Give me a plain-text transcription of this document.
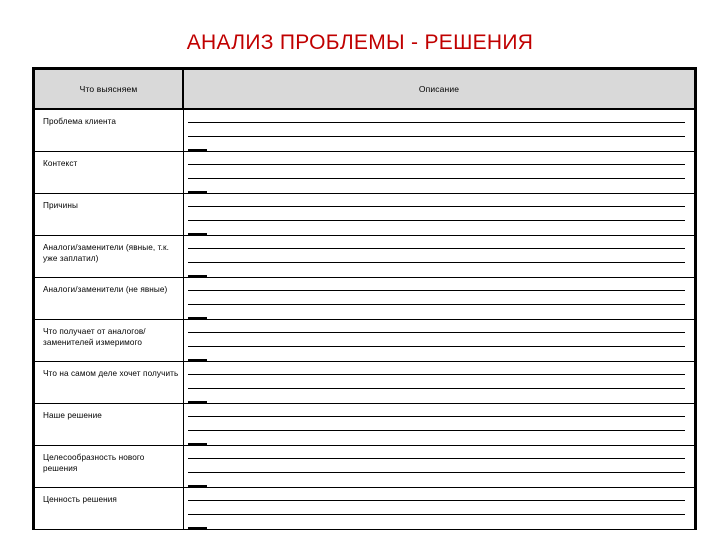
АНАЛИЗ ПРОБЛЕМЫ - РЕШЕНИЯ
Что выясняем	Описание

Проблема клиента	

Контекст	

Причины	

Аналоги/заменители (явные, т.к. уже заплатил)	

Аналоги/заменители (не явные)	

Что получает от аналогов/заменителей измеримого	

Что на самом деле хочет получить	

Наше решение	

Целесообразность нового решения	

Ценность решения	
